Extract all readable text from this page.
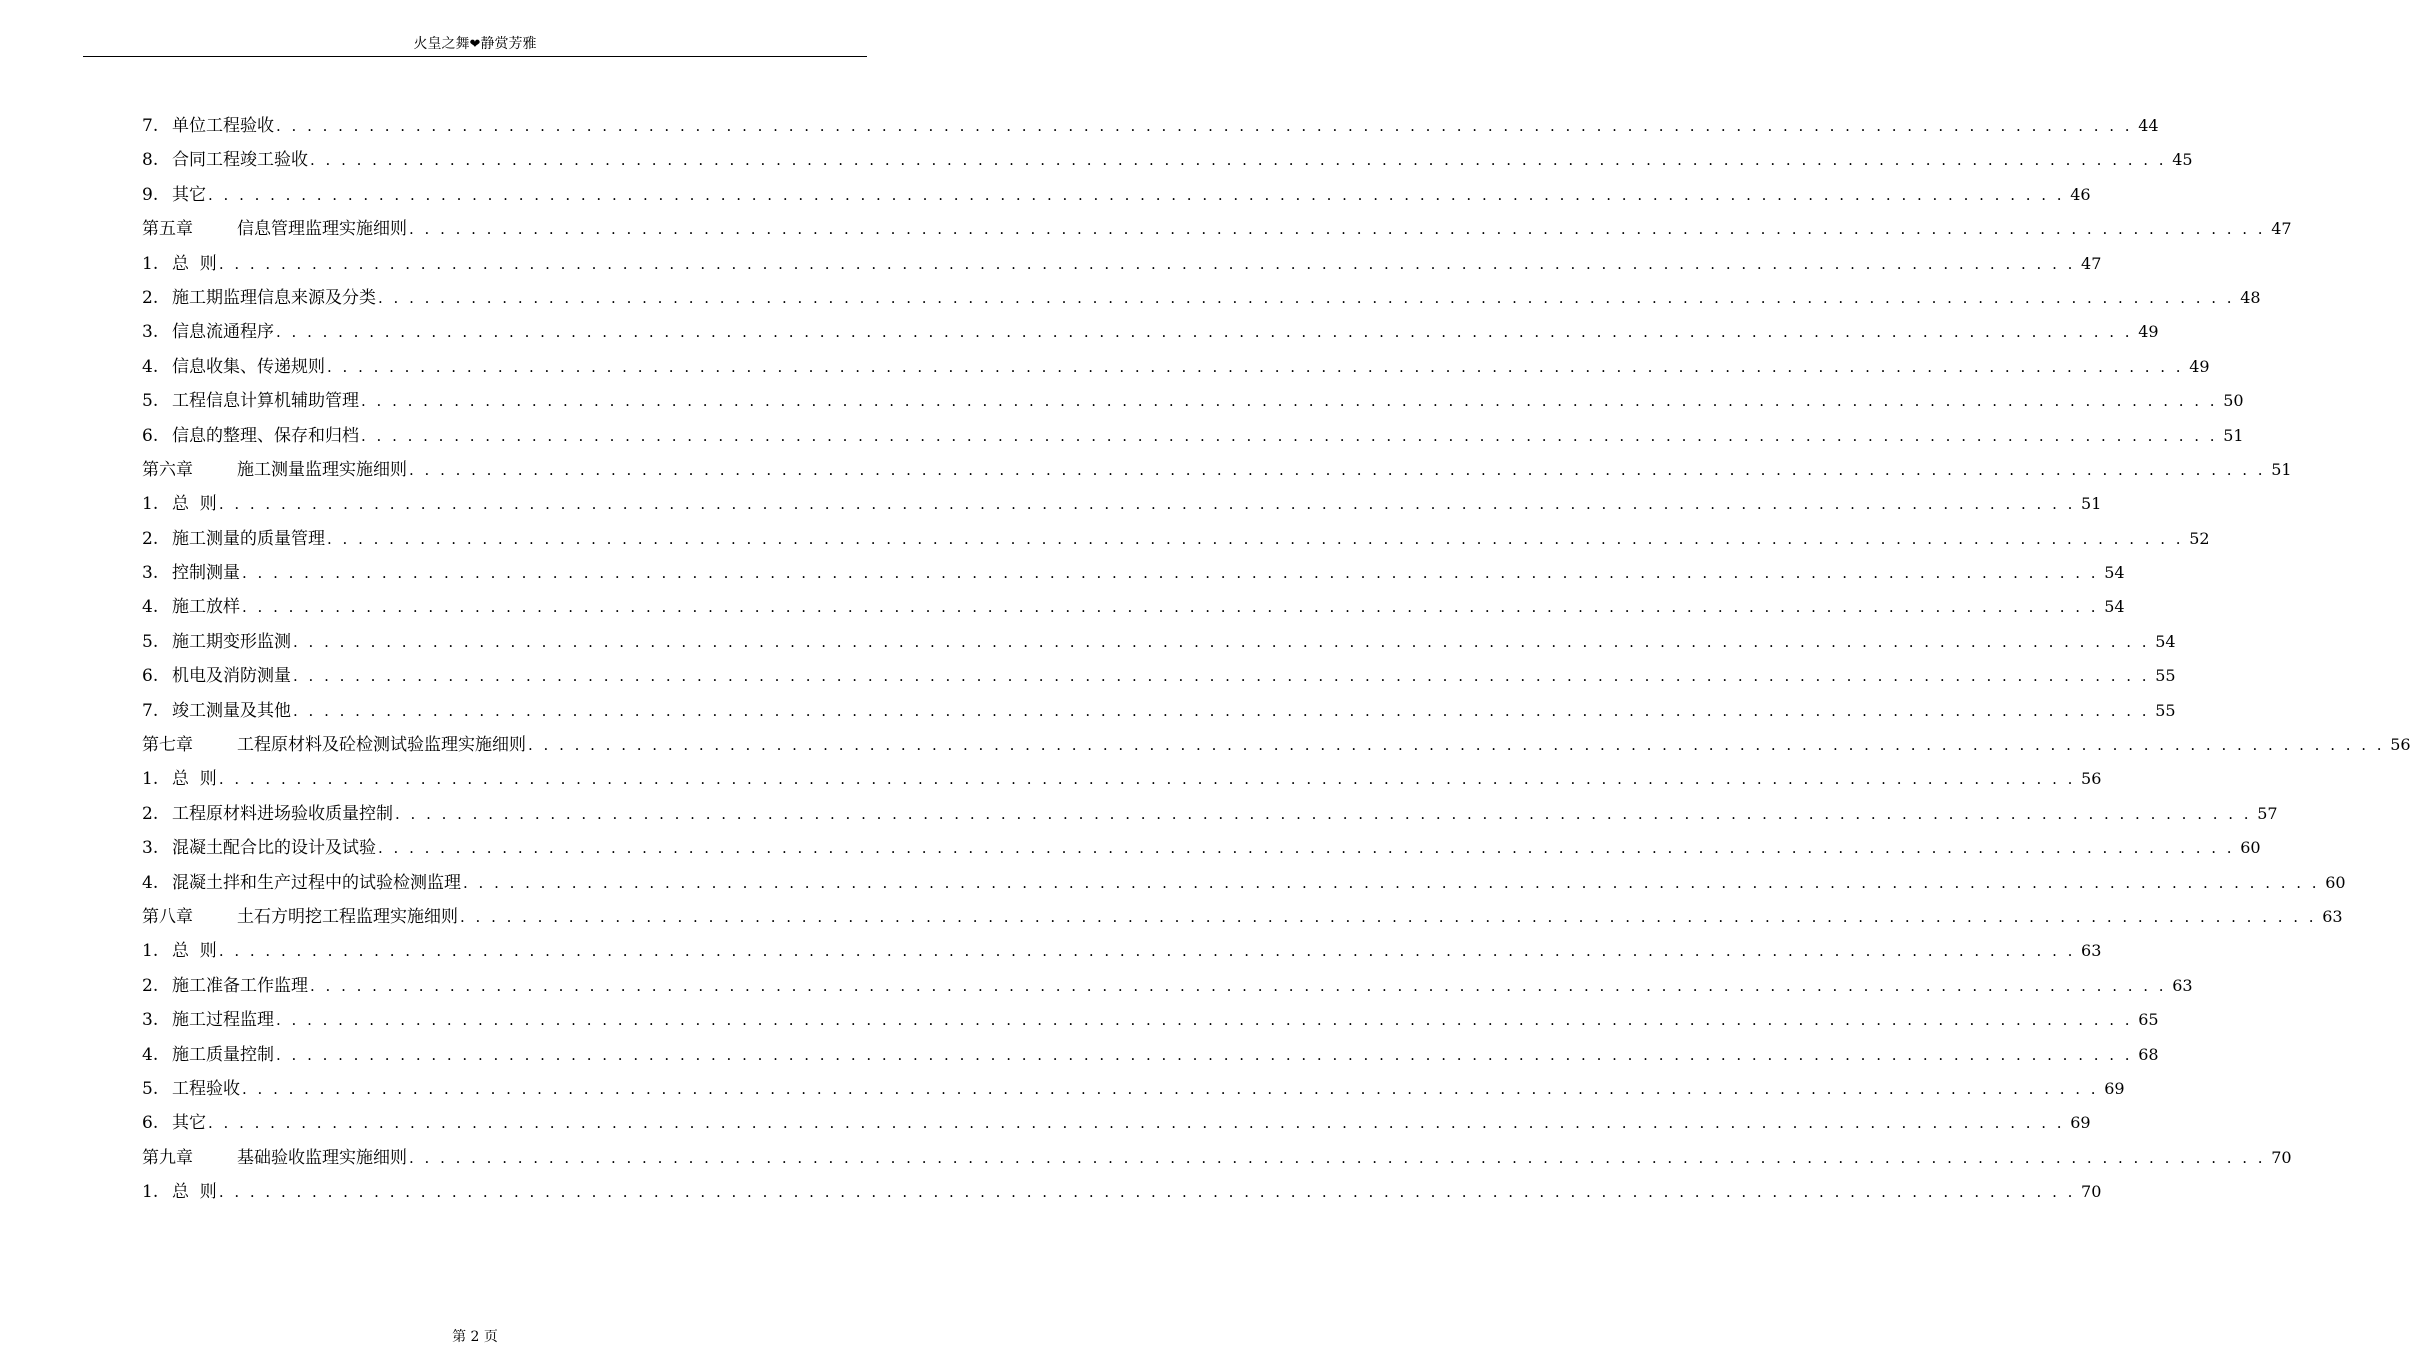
火皇之舞❤静赏芳雅
7. 单位工程验收 . . . . . . . . . . . . . . . . . . . . . . . . . . . . . . . . . . . . . . . . . . . . . . . . . . . . . . . . . . . . . . . . . . . . . . . . . . . . . . . . . . . . . . . . . . . . . . . . . . . . . . . . . . . . . . . . . . . . . . . . 44
8. 合同工程竣工验收 . . . . . . . . . . . . . . . . . . . . . . . . . . . . . . . . . . . . . . . . . . . . . . . . . . . . . . . . . . . . . . . . . . . . . . . . . . . . . . . . . . . . . . . . . . . . . . . . . . . . . . . . . . . . . . . . . . . . . . . . 45
9. 其它 . . . . . . . . . . . . . . . . . . . . . . . . . . . . . . . . . . . . . . . . . . . . . . . . . . . . . . . . . . . . . . . . . . . . . . . . . . . . . . . . . . . . . . . . . . . . . . . . . . . . . . . . . . . . . . . . . . . . . . . . 46
第五章	信息管理监理实施细则 . . . . . . . . . . . . . . . . . . . . . . . . . . . . . . . . . . . . . . . . . . . . . . . . . . . . . . . . . . . . . . . . . . . . . . . . . . . . . . . . . . . . . . . . . . . . . . . . . . . . . . . . . . . . . . . . . . . . . . . . 47
1. 总  则 . . . . . . . . . . . . . . . . . . . . . . . . . . . . . . . . . . . . . . . . . . . . . . . . . . . . . . . . . . . . . . . . . . . . . . . . . . . . . . . . . . . . . . . . . . . . . . . . . . . . . . . . . . . . . . . . . . . . . . . . 47
2. 施工期监理信息来源及分类 . . . . . . . . . . . . . . . . . . . . . . . . . . . . . . . . . . . . . . . . . . . . . . . . . . . . . . . . . . . . . . . . . . . . . . . . . . . . . . . . . . . . . . . . . . . . . . . . . . . . . . . . . . . . . . . . . . . . . . . . 48
3. 信息流通程序 . . . . . . . . . . . . . . . . . . . . . . . . . . . . . . . . . . . . . . . . . . . . . . . . . . . . . . . . . . . . . . . . . . . . . . . . . . . . . . . . . . . . . . . . . . . . . . . . . . . . . . . . . . . . . . . . . . . . . . . . 49
4. 信息收集、传递规则 . . . . . . . . . . . . . . . . . . . . . . . . . . . . . . . . . . . . . . . . . . . . . . . . . . . . . . . . . . . . . . . . . . . . . . . . . . . . . . . . . . . . . . . . . . . . . . . . . . . . . . . . . . . . . . . . . . . . . . . . 49
5. 工程信息计算机辅助管理 . . . . . . . . . . . . . . . . . . . . . . . . . . . . . . . . . . . . . . . . . . . . . . . . . . . . . . . . . . . . . . . . . . . . . . . . . . . . . . . . . . . . . . . . . . . . . . . . . . . . . . . . . . . . . . . . . . . . . . . . 50
6. 信息的整理、保存和归档 . . . . . . . . . . . . . . . . . . . . . . . . . . . . . . . . . . . . . . . . . . . . . . . . . . . . . . . . . . . . . . . . . . . . . . . . . . . . . . . . . . . . . . . . . . . . . . . . . . . . . . . . . . . . . . . . . . . . . . . . 51
第六章	施工测量监理实施细则 . . . . . . . . . . . . . . . . . . . . . . . . . . . . . . . . . . . . . . . . . . . . . . . . . . . . . . . . . . . . . . . . . . . . . . . . . . . . . . . . . . . . . . . . . . . . . . . . . . . . . . . . . . . . . . . . . . . . . . . . 51
1. 总  则 . . . . . . . . . . . . . . . . . . . . . . . . . . . . . . . . . . . . . . . . . . . . . . . . . . . . . . . . . . . . . . . . . . . . . . . . . . . . . . . . . . . . . . . . . . . . . . . . . . . . . . . . . . . . . . . . . . . . . . . . 51
2. 施工测量的质量管理 . . . . . . . . . . . . . . . . . . . . . . . . . . . . . . . . . . . . . . . . . . . . . . . . . . . . . . . . . . . . . . . . . . . . . . . . . . . . . . . . . . . . . . . . . . . . . . . . . . . . . . . . . . . . . . . . . . . . . . . . 52
3. 控制测量 . . . . . . . . . . . . . . . . . . . . . . . . . . . . . . . . . . . . . . . . . . . . . . . . . . . . . . . . . . . . . . . . . . . . . . . . . . . . . . . . . . . . . . . . . . . . . . . . . . . . . . . . . . . . . . . . . . . . . . . . 54
4. 施工放样 . . . . . . . . . . . . . . . . . . . . . . . . . . . . . . . . . . . . . . . . . . . . . . . . . . . . . . . . . . . . . . . . . . . . . . . . . . . . . . . . . . . . . . . . . . . . . . . . . . . . . . . . . . . . . . . . . . . . . . . . 54
5. 施工期变形监测 . . . . . . . . . . . . . . . . . . . . . . . . . . . . . . . . . . . . . . . . . . . . . . . . . . . . . . . . . . . . . . . . . . . . . . . . . . . . . . . . . . . . . . . . . . . . . . . . . . . . . . . . . . . . . . . . . . . . . . . . 54
6. 机电及消防测量 . . . . . . . . . . . . . . . . . . . . . . . . . . . . . . . . . . . . . . . . . . . . . . . . . . . . . . . . . . . . . . . . . . . . . . . . . . . . . . . . . . . . . . . . . . . . . . . . . . . . . . . . . . . . . . . . . . . . . . . . 55
7. 竣工测量及其他 . . . . . . . . . . . . . . . . . . . . . . . . . . . . . . . . . . . . . . . . . . . . . . . . . . . . . . . . . . . . . . . . . . . . . . . . . . . . . . . . . . . . . . . . . . . . . . . . . . . . . . . . . . . . . . . . . . . . . . . . 55
第七章	工程原材料及砼检测试验监理实施细则 . . . . . . . . . . . . . . . . . . . . . . . . . . . . . . . . . . . . . . . . . . . . . . . . . . . . . . . . . . . . . . . . . . . . . . . . . . . . . . . . . . . . . . . . . . . . . . . . . . . . . . . . . . . . . . . . . . . . . . . . 56
1. 总  则 . . . . . . . . . . . . . . . . . . . . . . . . . . . . . . . . . . . . . . . . . . . . . . . . . . . . . . . . . . . . . . . . . . . . . . . . . . . . . . . . . . . . . . . . . . . . . . . . . . . . . . . . . . . . . . . . . . . . . . . . 56
2. 工程原材料进场验收质量控制 . . . . . . . . . . . . . . . . . . . . . . . . . . . . . . . . . . . . . . . . . . . . . . . . . . . . . . . . . . . . . . . . . . . . . . . . . . . . . . . . . . . . . . . . . . . . . . . . . . . . . . . . . . . . . . . . . . . . . . . . 57
3. 混凝土配合比的设计及试验 . . . . . . . . . . . . . . . . . . . . . . . . . . . . . . . . . . . . . . . . . . . . . . . . . . . . . . . . . . . . . . . . . . . . . . . . . . . . . . . . . . . . . . . . . . . . . . . . . . . . . . . . . . . . . . . . . . . . . . . . 60
4. 混凝土拌和生产过程中的试验检测监理 . . . . . . . . . . . . . . . . . . . . . . . . . . . . . . . . . . . . . . . . . . . . . . . . . . . . . . . . . . . . . . . . . . . . . . . . . . . . . . . . . . . . . . . . . . . . . . . . . . . . . . . . . . . . . . . . . . . . . . . . 60
第八章	土石方明挖工程监理实施细则 . . . . . . . . . . . . . . . . . . . . . . . . . . . . . . . . . . . . . . . . . . . . . . . . . . . . . . . . . . . . . . . . . . . . . . . . . . . . . . . . . . . . . . . . . . . . . . . . . . . . . . . . . . . . . . . . . . . . . . . . 63
1. 总  则 . . . . . . . . . . . . . . . . . . . . . . . . . . . . . . . . . . . . . . . . . . . . . . . . . . . . . . . . . . . . . . . . . . . . . . . . . . . . . . . . . . . . . . . . . . . . . . . . . . . . . . . . . . . . . . . . . . . . . . . . 63
2. 施工准备工作监理 . . . . . . . . . . . . . . . . . . . . . . . . . . . . . . . . . . . . . . . . . . . . . . . . . . . . . . . . . . . . . . . . . . . . . . . . . . . . . . . . . . . . . . . . . . . . . . . . . . . . . . . . . . . . . . . . . . . . . . . . 63
3. 施工过程监理 . . . . . . . . . . . . . . . . . . . . . . . . . . . . . . . . . . . . . . . . . . . . . . . . . . . . . . . . . . . . . . . . . . . . . . . . . . . . . . . . . . . . . . . . . . . . . . . . . . . . . . . . . . . . . . . . . . . . . . . . 65
4. 施工质量控制 . . . . . . . . . . . . . . . . . . . . . . . . . . . . . . . . . . . . . . . . . . . . . . . . . . . . . . . . . . . . . . . . . . . . . . . . . . . . . . . . . . . . . . . . . . . . . . . . . . . . . . . . . . . . . . . . . . . . . . . . 68
5. 工程验收 . . . . . . . . . . . . . . . . . . . . . . . . . . . . . . . . . . . . . . . . . . . . . . . . . . . . . . . . . . . . . . . . . . . . . . . . . . . . . . . . . . . . . . . . . . . . . . . . . . . . . . . . . . . . . . . . . . . . . . . . 69
6. 其它 . . . . . . . . . . . . . . . . . . . . . . . . . . . . . . . . . . . . . . . . . . . . . . . . . . . . . . . . . . . . . . . . . . . . . . . . . . . . . . . . . . . . . . . . . . . . . . . . . . . . . . . . . . . . . . . . . . . . . . . . 69
第九章	基础验收监理实施细则 . . . . . . . . . . . . . . . . . . . . . . . . . . . . . . . . . . . . . . . . . . . . . . . . . . . . . . . . . . . . . . . . . . . . . . . . . . . . . . . . . . . . . . . . . . . . . . . . . . . . . . . . . . . . . . . . . . . . . . . . 70
1. 总  则 . . . . . . . . . . . . . . . . . . . . . . . . . . . . . . . . . . . . . . . . . . . . . . . . . . . . . . . . . . . . . . . . . . . . . . . . . . . . . . . . . . . . . . . . . . . . . . . . . . . . . . . . . . . . . . . . . . . . . . . . 70
第 2 页
